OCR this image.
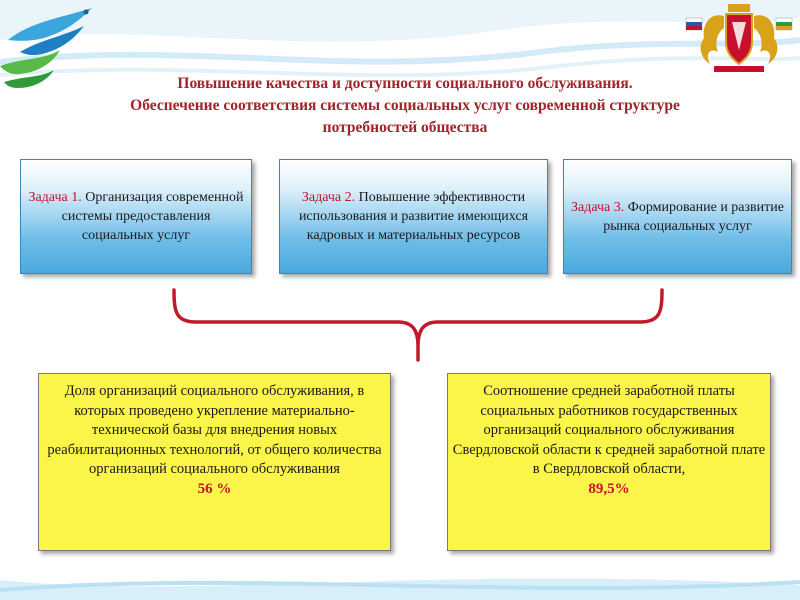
Повышение качества и доступности социального обслуживания.
Обеспечение соответствия системы социальных услуг современной структуре
потребностей общества
Задача 1. Организация современной системы предоставления социальных услуг
Задача 2. Повышение эффективности использования и развитие имеющихся кадровых и материальных ресурсов
Задача 3. Формирование и развитие рынка социальных услуг
Доля организаций социального обслуживания, в которых проведено укрепление материально-технической базы для внедрения новых реабилитационных технологий, от общего количества организаций социального обслуживания
56 %
Соотношение средней заработной платы социальных работников государственных организаций социального обслуживания Свердловской области к средней заработной плате в Свердловской области,
89,5%
